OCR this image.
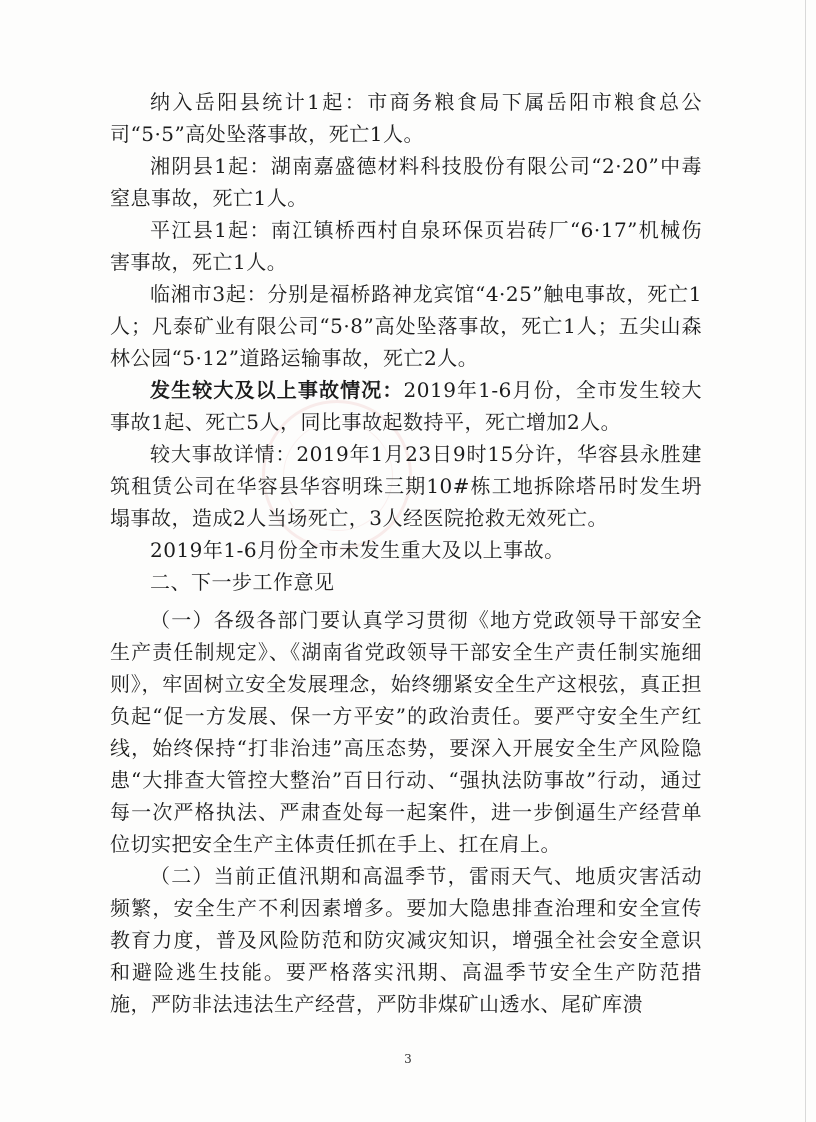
纳入岳阳县统计1起：市商务粮食局下属岳阳市粮食总公司“5·5”高处坠落事故，死亡1人。

湘阴县1起：湖南嘉盛德材料科技股份有限公司“2·20”中毒窒息事故，死亡1人。

平江县1起：南江镇桥西村自泉环保页岩砖厂“6·17”机械伤害事故，死亡1人。

临湘市3起：分别是福桥路神龙宾馆“4·25”触电事故，死亡1人；凡泰矿业有限公司“5·8”高处坠落事故，死亡1人；五尖山森林公园“5·12”道路运输事故，死亡2人。

发生较大及以上事故情况：2019年1-6月份，全市发生较大事故1起、死亡5人，同比事故起数持平，死亡增加2人。

较大事故详情：2019年1月23日9时15分许，华容县永胜建筑租赁公司在华容县华容明珠三期10#栋工地拆除塔吊时发生坍塌事故，造成2人当场死亡，3人经医院抢救无效死亡。

2019年1-6月份全市未发生重大及以上事故。

二、下一步工作意见

（一）各级各部门要认真学习贯彻《地方党政领导干部安全生产责任制规定》、《湖南省党政领导干部安全生产责任制实施细则》，牢固树立安全发展理念，始终绷紧安全生产这根弦，真正担负起“促一方发展、保一方平安”的政治责任。要严守安全生产红线，始终保持“打非治违”高压态势，要深入开展安全生产风险隐患“大排查大管控大整治”百日行动、“强执法防事故”行动，通过每一次严格执法、严肃查处每一起案件，进一步倒逼生产经营单位切实把安全生产主体责任抓在手上、扛在肩上。

（二）当前正值汛期和高温季节，雷雨天气、地质灾害活动频繁，安全生产不利因素增多。要加大隐患排查治理和安全宣传教育力度，普及风险防范和防灾减灾知识，增强全社会安全意识和避险逃生技能。要严格落实汛期、高温季节安全生产防范措施，严防非法违法生产经营，严防非煤矿山透水、尾矿库溃

3
